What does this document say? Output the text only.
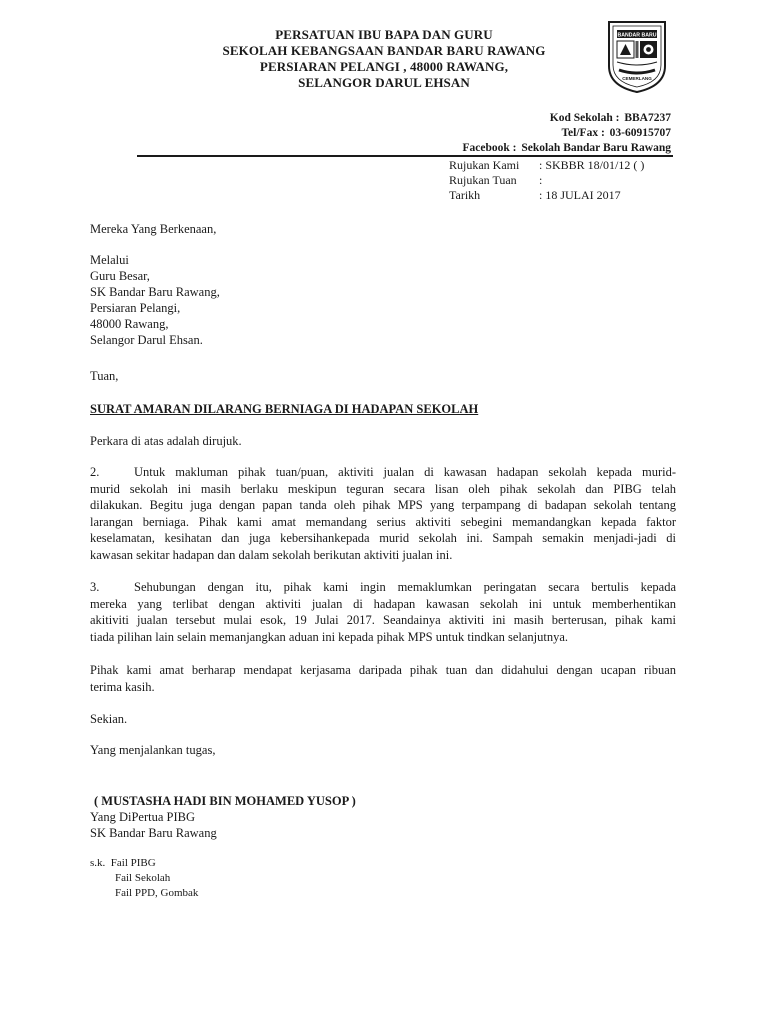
PERSATUAN IBU BAPA DAN GURU
SEKOLAH KEBANGSAAN BANDAR BARU RAWANG
PERSIARAN PELANGI , 48000 RAWANG,
SELANGOR DARUL EHSAN
BANDAR BARU
CEMERLANG
Kod Sekolah : BBA7237
Tel/Fax : 03-60915707
Facebook : Sekolah Bandar Baru Rawang
Rujukan Kami	: SKBBR 18/01/12 ( )
Rujukan Tuan	:
Tarikh	: 18 JULAI 2017
Mereka Yang Berkenaan,
Melalui
Guru Besar,
SK Bandar Baru Rawang,
Persiaran Pelangi,
48000 Rawang,
Selangor Darul Ehsan.
Tuan,
SURAT AMARAN DILARANG BERNIAGA DI HADAPAN SEKOLAH
Perkara di atas adalah dirujuk.
2.	Untuk makluman pihak tuan/puan, aktiviti jualan di kawasan hadapan sekolah kepada murid-
murid sekolah ini masih berlaku meskipun teguran secara lisan oleh pihak sekolah dan PIBG telah
dilakukan. Begitu juga dengan papan tanda oleh pihak MPS yang terpampang di badapan sekolah tentang
larangan berniaga. Pihak kami amat memandang serius aktiviti sebegini memandangkan kepada faktor
keselamatan, kesihatan dan juga kebersihankepada murid sekolah ini. Sampah semakin menjadi-jadi di
kawasan sekitar hadapan dan dalam sekolah berikutan aktiviti jualan ini.
3.	Sehubungan dengan itu, pihak kami ingin memaklumkan peringatan secara bertulis kepada
mereka yang terlibat dengan aktiviti jualan di hadapan kawasan sekolah ini untuk memberhentikan
akitiviti jualan tersebut mulai esok, 19 Julai 2017. Seandainya aktiviti ini masih berterusan, pihak kami
tiada pilihan lain selain memanjangkan aduan ini kepada pihak MPS untuk tindkan selanjutnya.
Pihak kami amat berharap mendapat kerjasama daripada pihak tuan dan didahului dengan ucapan ribuan
terima kasih.
Sekian.
Yang menjalankan tugas,
( MUSTASHA HADI BIN MOHAMED YUSOP )
Yang DiPertua PIBG
SK Bandar Baru Rawang
s.k. Fail PIBG
Fail Sekolah
Fail PPD, Gombak
